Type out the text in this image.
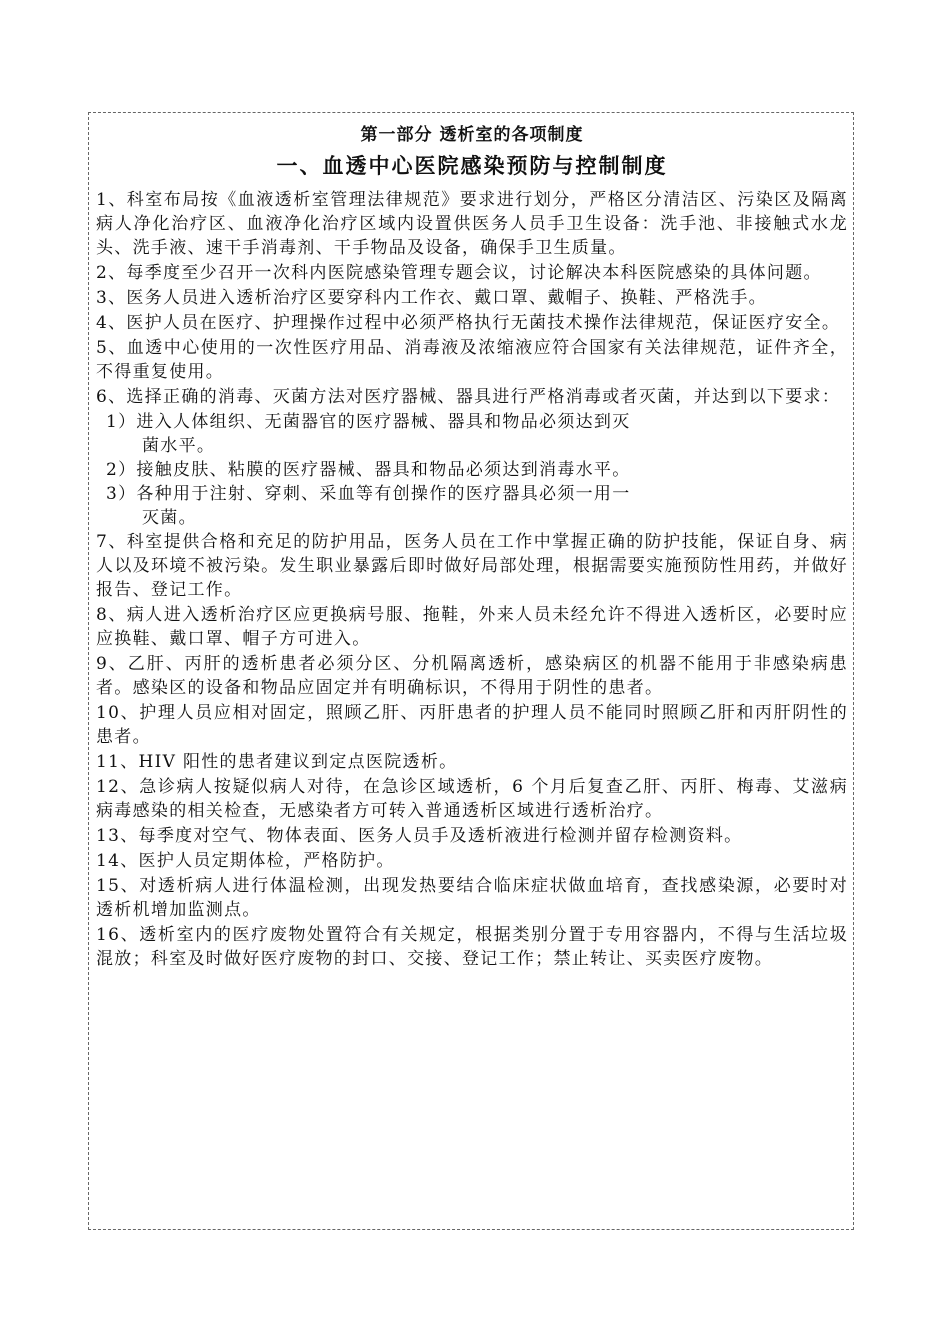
第一部分 透析室的各项制度
一、血透中心医院感染预防与控制制度

1、科室布局按《血液透析室管理法律规范》要求进行划分，严格区分清洁区、污染区及隔离病人净化治疗区、血液净化治疗区域内设置供医务人员手卫生设备：洗手池、非接触式水龙头、洗手液、速干手消毒剂、干手物品及设备，确保手卫生质量。

2、每季度至少召开一次科内医院感染管理专题会议，讨论解决本科医院感染的具体问题。

3、医务人员进入透析治疗区要穿科内工作衣、戴口罩、戴帽子、换鞋、严格洗手。

4、医护人员在医疗、护理操作过程中必须严格执行无菌技术操作法律规范，保证医疗安全。

5、血透中心使用的一次性医疗用品、消毒液及浓缩液应符合国家有关法律规范，证件齐全，不得重复使用。

6、选择正确的消毒、灭菌方法对医疗器械、器具进行严格消毒或者灭菌，并达到以下要求：

1）进入人体组织、无菌器官的医疗器械、器具和物品必须达到灭
菌水平。

2）接触皮肤、粘膜的医疗器械、器具和物品必须达到消毒水平。

3）各种用于注射、穿刺、采血等有创操作的医疗器具必须一用一
灭菌。

7、科室提供合格和充足的防护用品，医务人员在工作中掌握正确的防护技能，保证自身、病人以及环境不被污染。发生职业暴露后即时做好局部处理，根据需要实施预防性用药，并做好报告、登记工作。

8、病人进入透析治疗区应更换病号服、拖鞋，外来人员未经允许不得进入透析区，必要时应应换鞋、戴口罩、帽子方可进入。

9、乙肝、丙肝的透析患者必须分区、分机隔离透析，感染病区的机器不能用于非感染病患者。感染区的设备和物品应固定并有明确标识，不得用于阴性的患者。

10、护理人员应相对固定，照顾乙肝、丙肝患者的护理人员不能同时照顾乙肝和丙肝阴性的患者。

11、HIV 阳性的患者建议到定点医院透析。

12、急诊病人按疑似病人对待，在急诊区域透析，6 个月后复查乙肝、丙肝、梅毒、艾滋病病毒感染的相关检查，无感染者方可转入普通透析区域进行透析治疗。

13、每季度对空气、物体表面、医务人员手及透析液进行检测并留存检测资料。

14、医护人员定期体检，严格防护。

15、对透析病人进行体温检测，出现发热要结合临床症状做血培育，查找感染源，必要时对透析机增加监测点。

16、透析室内的医疗废物处置符合有关规定，根据类别分置于专用容器内，不得与生活垃圾混放；科室及时做好医疗废物的封口、交接、登记工作；禁止转让、买卖医疗废物。
